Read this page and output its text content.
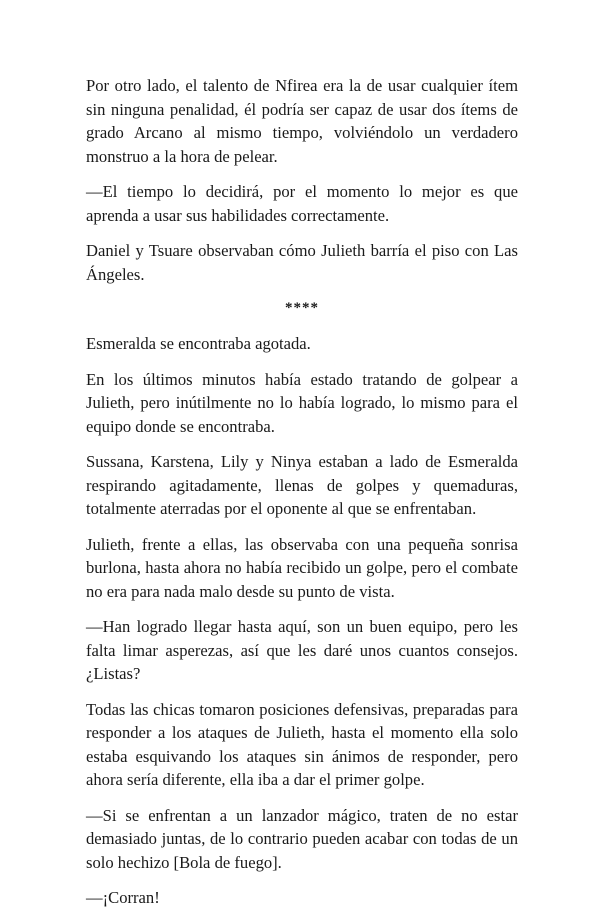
Por otro lado, el talento de Nfirea era la de usar cualquier ítem sin ninguna penalidad, él podría ser capaz de usar dos ítems de grado Arcano al mismo tiempo, volviéndolo un verdadero monstruo a la hora de pelear.

—El tiempo lo decidirá, por el momento lo mejor es que aprenda a usar sus habilidades correctamente.

Daniel y Tsuare observaban cómo Julieth barría el piso con Las Ángeles.

****

Esmeralda se encontraba agotada.

En los últimos minutos había estado tratando de golpear a Julieth, pero inútilmente no lo había logrado, lo mismo para el equipo donde se encontraba.

Sussana, Karstena, Lily y Ninya estaban a lado de Esmeralda respirando agitadamente, llenas de golpes y quemaduras, totalmente aterradas por el oponente al que se enfrentaban.

Julieth, frente a ellas, las observaba con una pequeña sonrisa burlona, hasta ahora no había recibido un golpe, pero el combate no era para nada malo desde su punto de vista.

—Han logrado llegar hasta aquí, son un buen equipo, pero les falta limar asperezas, así que les daré unos cuantos consejos. ¿Listas?

Todas las chicas tomaron posiciones defensivas, preparadas para responder a los ataques de Julieth, hasta el momento ella solo estaba esquivando los ataques sin ánimos de responder, pero ahora sería diferente, ella iba a dar el primer golpe.

—Si se enfrentan a un lanzador mágico, traten de no estar demasiado juntas, de lo contrario pueden acabar con todas de un solo hechizo [Bola de fuego].

—¡Corran!
